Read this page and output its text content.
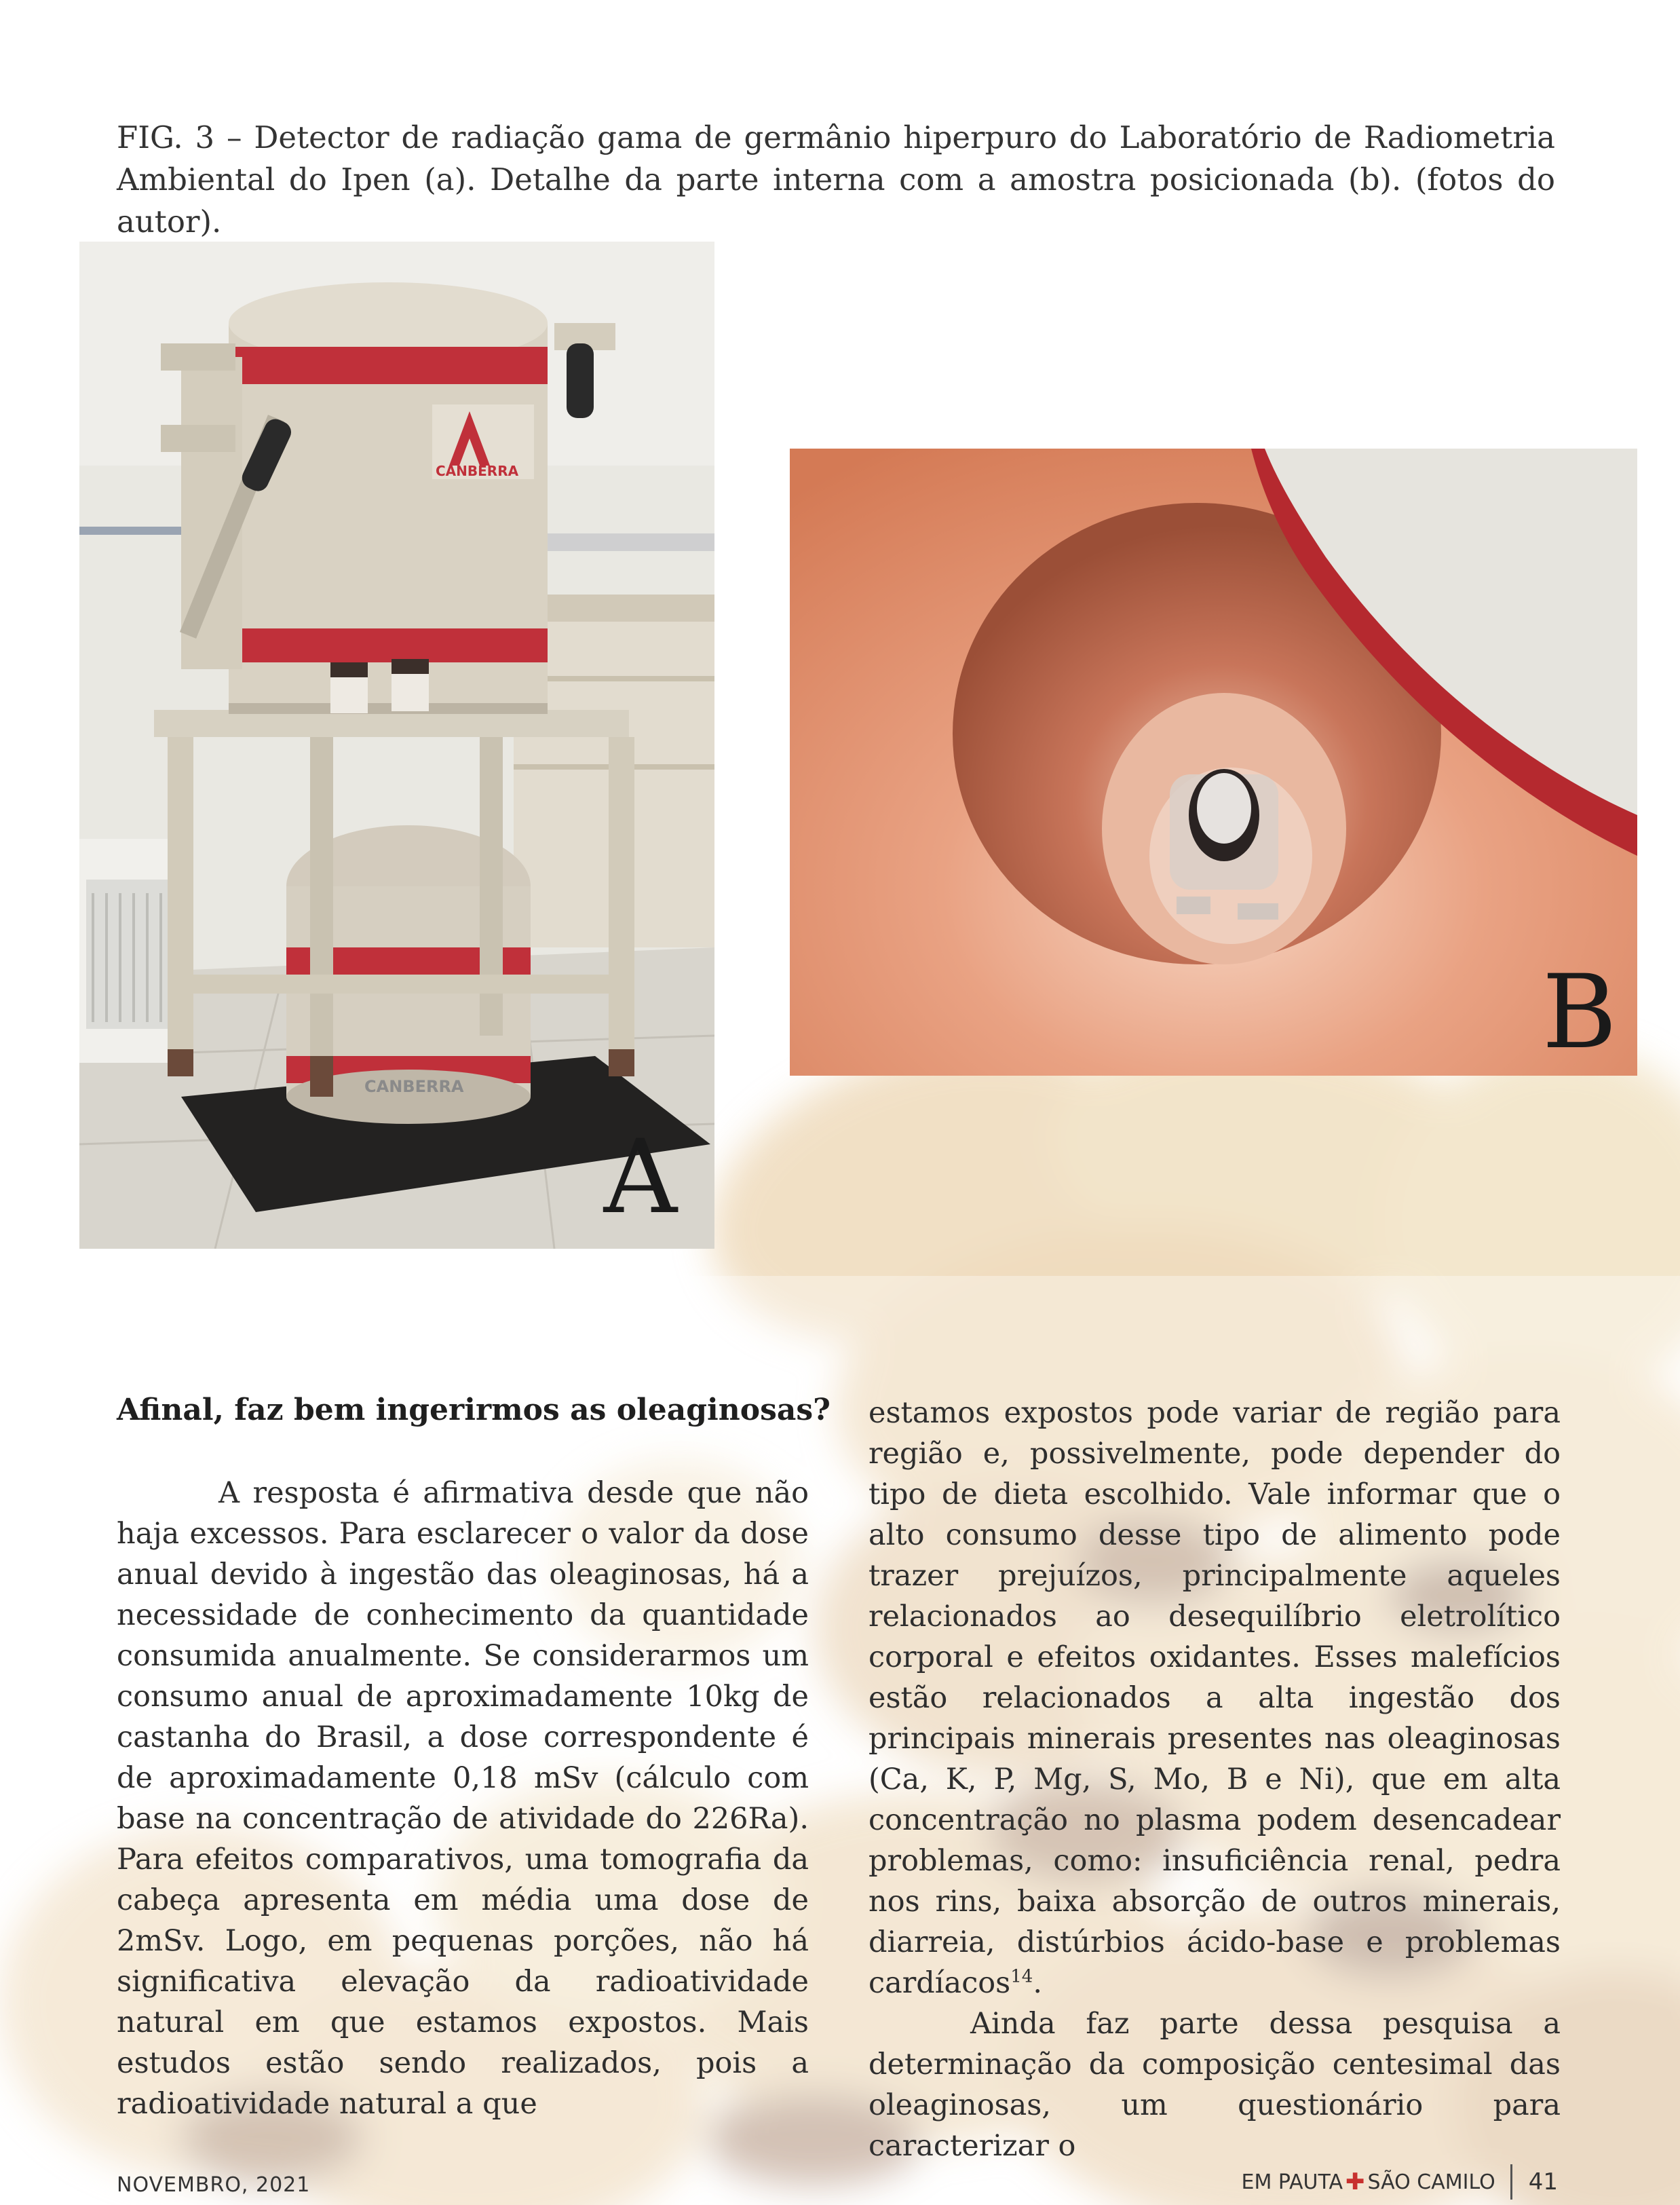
FIG. 3 – Detector de radiação gama de germânio hiperpuro do Laboratório de Radiometria Ambiental do Ipen (a). Detalhe da parte interna com a amostra posicionada (b). (fotos do autor).
CANBERRA
CANBERRA
A
B
Afinal, faz bem ingerirmos as oleaginosas?

A resposta é afirmativa desde que não haja excessos. Para esclarecer o valor da dose anual devido à ingestão das oleaginosas, há a necessidade de conhecimento da quantidade consumida anualmente. Se considerarmos um consumo anual de aproximadamente 10kg de castanha do Brasil, a dose correspondente é de aproximadamente 0,18 mSv (cálculo com base na concentração de atividade do 226Ra). Para efeitos comparativos, uma tomografia da cabeça apresenta em média uma dose de 2mSv. Logo, em pequenas porções, não há significativa elevação da radioatividade natural em que estamos expostos. Mais estudos estão sendo realizados, pois a radioatividade natural a que

estamos expostos pode variar de região para região e, possivelmente, pode depender do tipo de dieta escolhido. Vale informar que o alto consumo desse tipo de alimento pode trazer prejuízos, principalmente aqueles relacionados ao desequilíbrio eletrolítico corporal e efeitos oxidantes. Esses malefícios estão relacionados a alta ingestão dos principais minerais presentes nas oleaginosas (Ca, K, P, Mg, S, Mo, B e Ni), que em alta concentração no plasma podem desencadear problemas, como: insuficiência renal, pedra nos rins, baixa absorção de outros minerais, diarreia, distúrbios ácido-base e problemas cardíacos$^{14}$.

Ainda faz parte dessa pesquisa a determinação da composição centesimal das oleaginosas, um questionário para caracterizar o

NOVEMBRO, 2021	EM PAUTA ✚ SÃO CAMILO 41
